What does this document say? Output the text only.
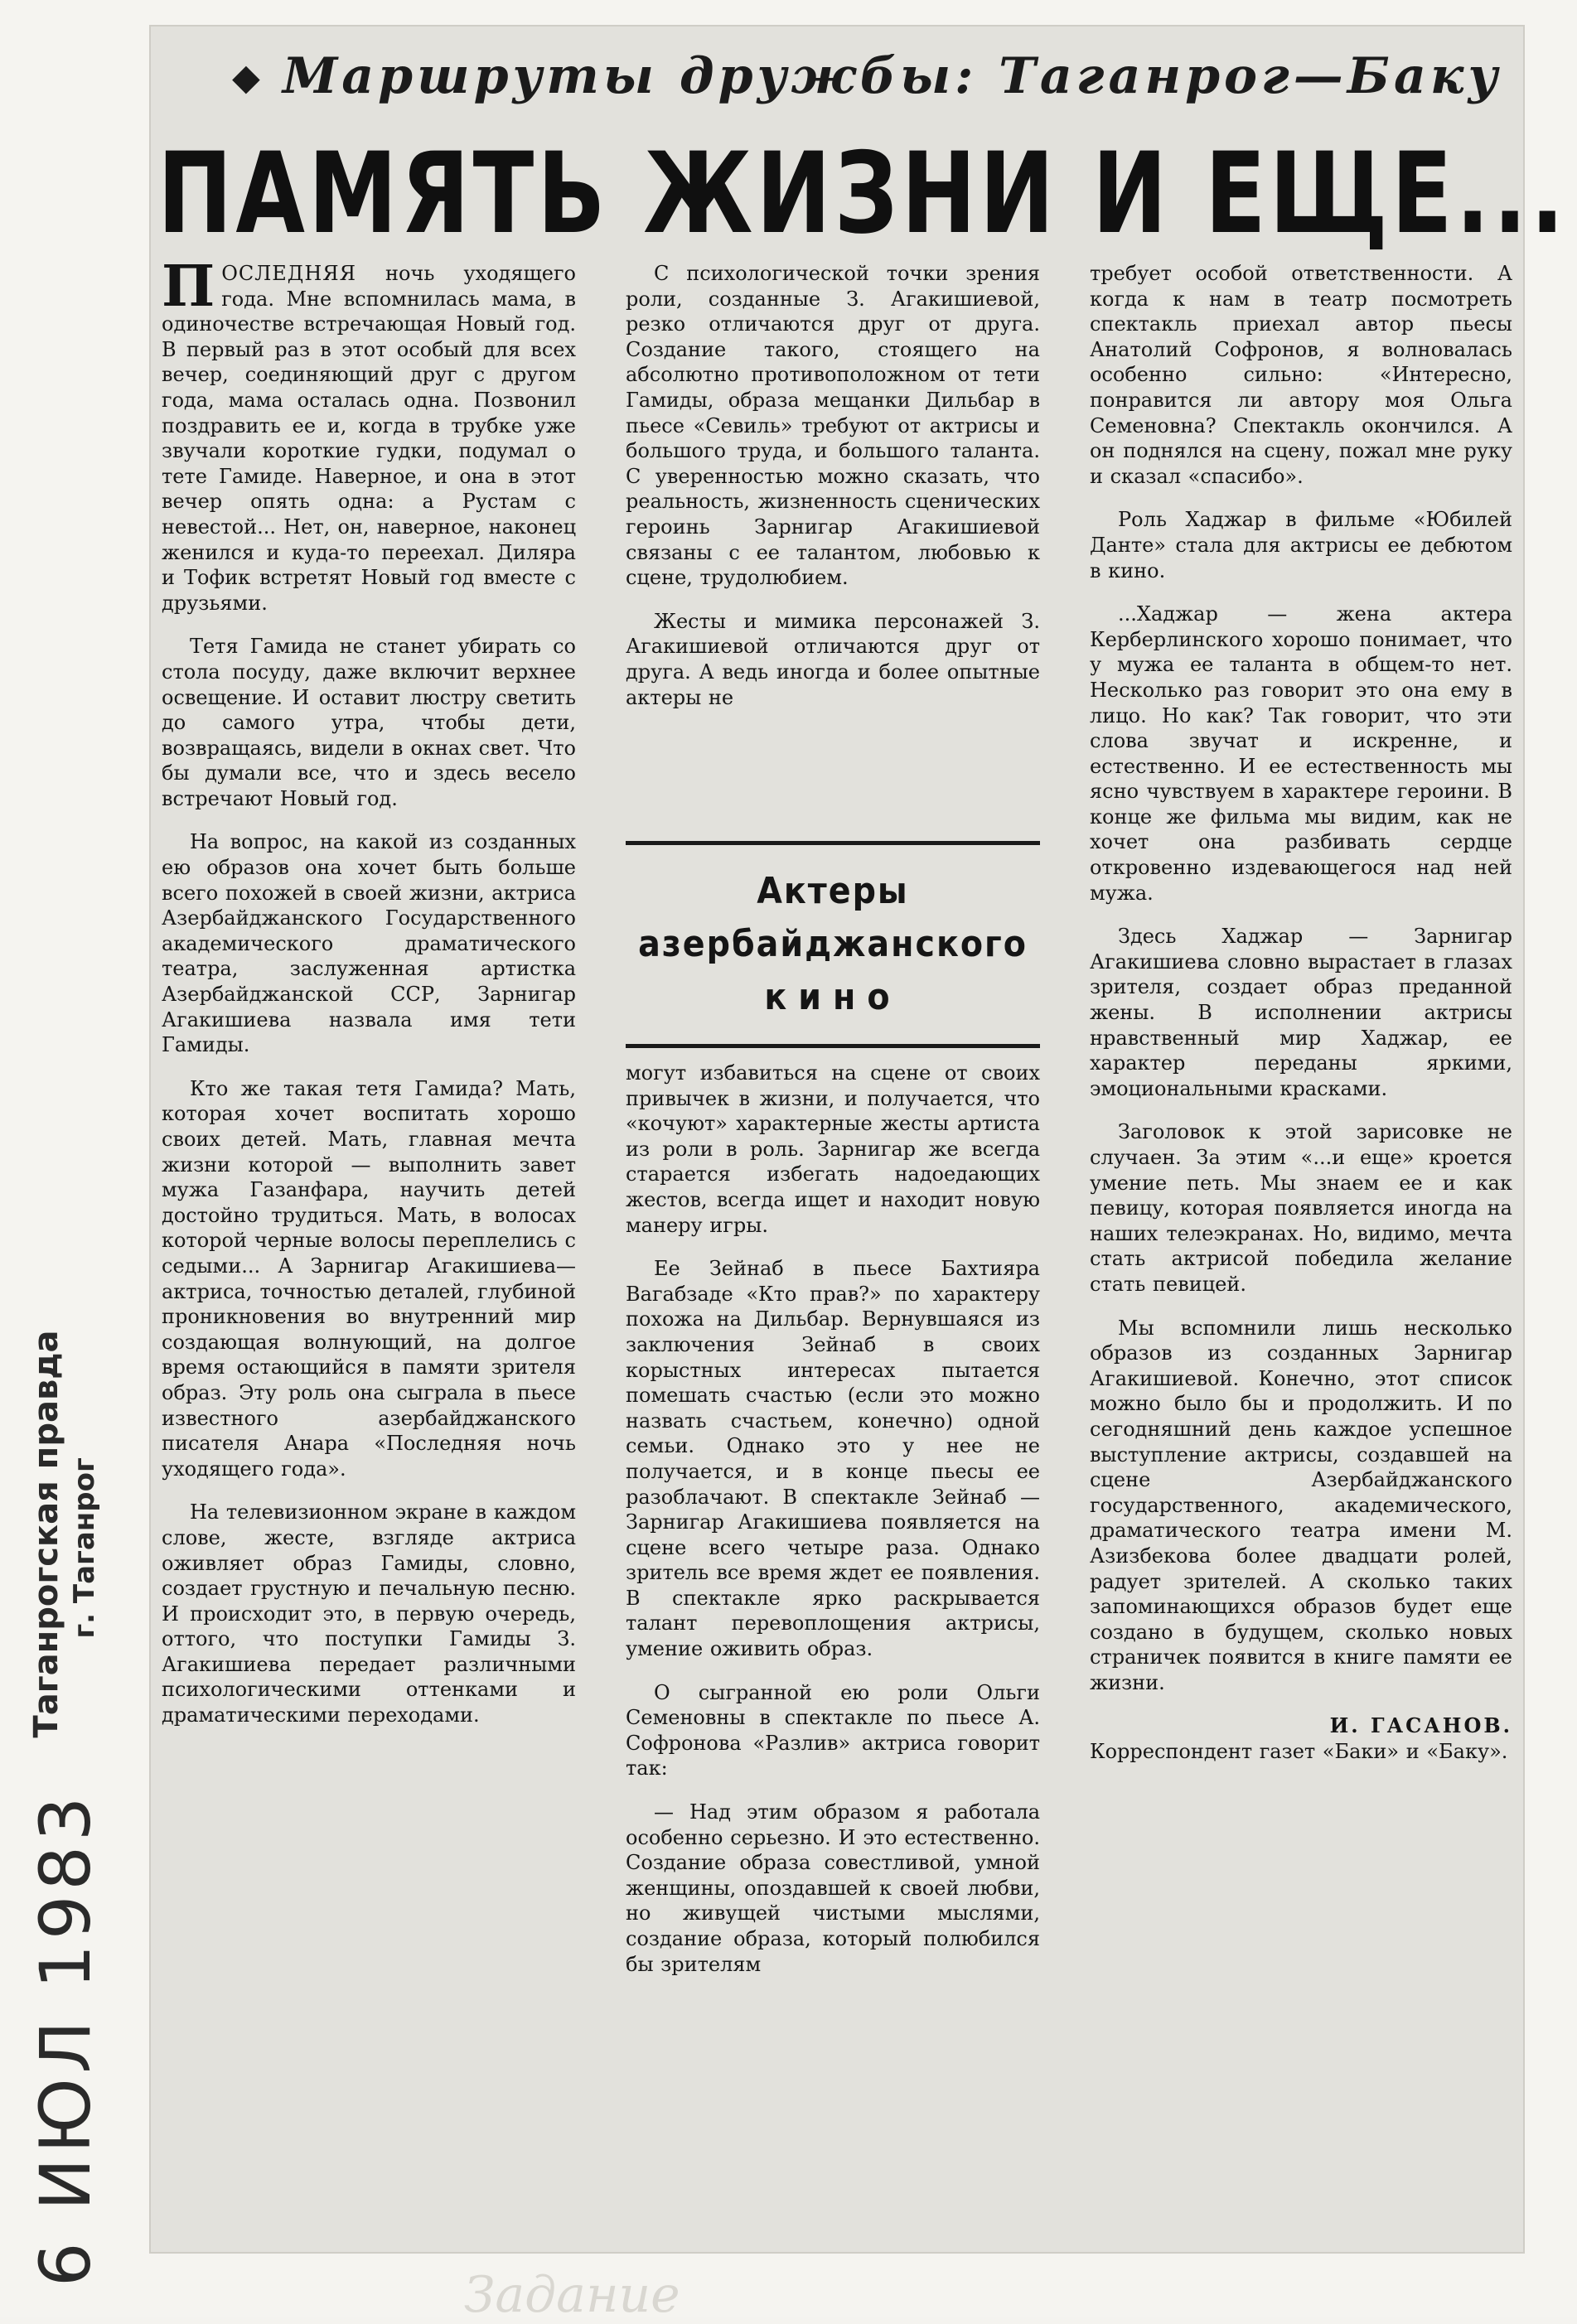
◆ Маршруты дружбы: Таганрог—Баку
ПАМЯТЬ ЖИЗНИ И ЕЩЕ...

ПОСЛЕДНЯЯ ночь уходящего года. Мне вспомнилась мама, в одиночестве встречающая Новый год. В первый раз в этот особый для всех вечер, соединяющий друг с другом года, мама осталась одна. Позвонил поздравить ее и, когда в трубке уже звучали короткие гудки, подумал о тете Гамиде. Наверное, и она в этот вечер опять одна: а Рустам с невестой... Нет, он, наверное, наконец женился и куда-то переехал. Диляра и Тофик встретят Новый год вместе с друзьями.

Тетя Гамида не станет убирать со стола посуду, даже включит верхнее освещение. И оставит люстру светить до самого утра, чтобы дети, возвращаясь, видели в окнах свет. Что бы думали все, что и здесь весело встречают Новый год.

На вопрос, на какой из созданных ею образов она хочет быть больше всего похожей в своей жизни, актриса Азербайджанского Государственного академического драматического театра, заслуженная артистка Азербайджанской ССР, Зарнигар Агакишиева назвала имя тети Гамиды.

Кто же такая тетя Гамида? Мать, которая хочет воспитать хорошо своих детей. Мать, главная мечта жизни которой — выполнить завет мужа Газанфара, научить детей достойно трудиться. Мать, в волосах которой черные волосы переплелись с седыми... А Зарнигар Агакишиева—актриса, точностью деталей, глубиной проникновения во внутренний мир создающая волнующий, на долгое время остающийся в памяти зрителя образ. Эту роль она сыграла в пьесе известного азербайджанского писателя Анара «Последняя ночь уходящего года».

На телевизионном экране в каждом слове, жесте, взгляде актриса оживляет образ Гамиды, словно, создает грустную и печальную песню. И происходит это, в первую очередь, оттого, что поступки Гамиды З. Агакишиева передает различными психологическими оттенками и драматическими переходами.

С психологической точки зрения роли, созданные З. Агакишиевой, резко отличаются друг от друга. Создание такого, стоящего на абсолютно противоположном от тети Гамиды, образа мещанки Дильбар в пьесе «Севиль» требуют от актрисы и большого труда, и большого таланта. С уверенностью можно сказать, что реальность, жизненность сценических героинь Зарнигар Агакишиевой связаны с ее талантом, любовью к сцене, трудолюбием.

Жесты и мимика персонажей З. Агакишиевой отличаются друг от друга. А ведь иногда и более опытные актеры не

Актеры
азербайджанского
кино

могут избавиться на сцене от своих привычек в жизни, и получается, что «кочуют» характерные жесты артиста из роли в роль. Зарнигар же всегда старается избегать надоедающих жестов, всегда ищет и находит новую манеру игры.

Ее Зейнаб в пьесе Бахтияра Вагабзаде «Кто прав?» по характеру похожа на Дильбар. Вернувшаяся из заключения Зейнаб в своих корыстных интересах пытается помешать счастью (если это можно назвать счастьем, конечно) одной семьи. Однако это у нее не получается, и в конце пьесы ее разоблачают. В спектакле Зейнаб — Зарнигар Агакишиева появляется на сцене всего четыре раза. Однако зритель все время ждет ее появления. В спектакле ярко раскрывается талант перевоплощения актрисы, умение оживить образ.

О сыгранной ею роли Ольги Семеновны в спектакле по пьесе А. Софронова «Разлив» актриса говорит так:

— Над этим образом я работала особенно серьезно. И это естественно. Создание образа совестливой, умной женщины, опоздавшей к своей любви, но живущей чистыми мыслями, создание образа, который полюбился бы зрителям

требует особой ответственности. А когда к нам в театр посмотреть спектакль приехал автор пьесы Анатолий Софронов, я волновалась особенно сильно: «Интересно, понравится ли автору моя Ольга Семеновна? Спектакль окончился. А он поднялся на сцену, пожал мне руку и сказал «спасибо».

Роль Хаджар в фильме «Юбилей Данте» стала для актрисы ее дебютом в кино.

...Хаджар — жена актера Керберлинского хорошо понимает, что у мужа ее таланта в общем-то нет. Несколько раз говорит это она ему в лицо. Но как? Так говорит, что эти слова звучат и искренне, и естественно. И ее естественность мы ясно чувствуем в характере героини. В конце же фильма мы видим, как не хочет она разбивать сердце откровенно издевающегося над ней мужа.

Здесь Хаджар — Зарнигар Агакишиева словно вырастает в глазах зрителя, создает образ преданной жены. В исполнении актрисы нравственный мир Хаджар, ее характер переданы яркими, эмоциональными красками.

Заголовок к этой зарисовке не случаен. За этим «...и еще» кроется умение петь. Мы знаем ее и как певицу, которая появляется иногда на наших телеэкранах. Но, видимо, мечта стать актрисой победила желание стать певицей.

Мы вспомнили лишь несколько образов из созданных Зарнигар Агакишиевой. Конечно, этот список можно было бы и продолжить. И по сегодняшний день каждое успешное выступление актрисы, создавшей на сцене Азербайджанского государственного, академического, драматического театра имени М. Азизбекова более двадцати ролей, радует зрителей. А сколько таких запоминающихся образов будет еще создано в будущем, сколько новых страничек появится в книге памяти ее жизни.

И. ГАСАНОВ.

Корреспондент газет «Баки» и «Баку».

6 ИЮЛ 1983
Таганрогская правда г. Таганрог
Задание
